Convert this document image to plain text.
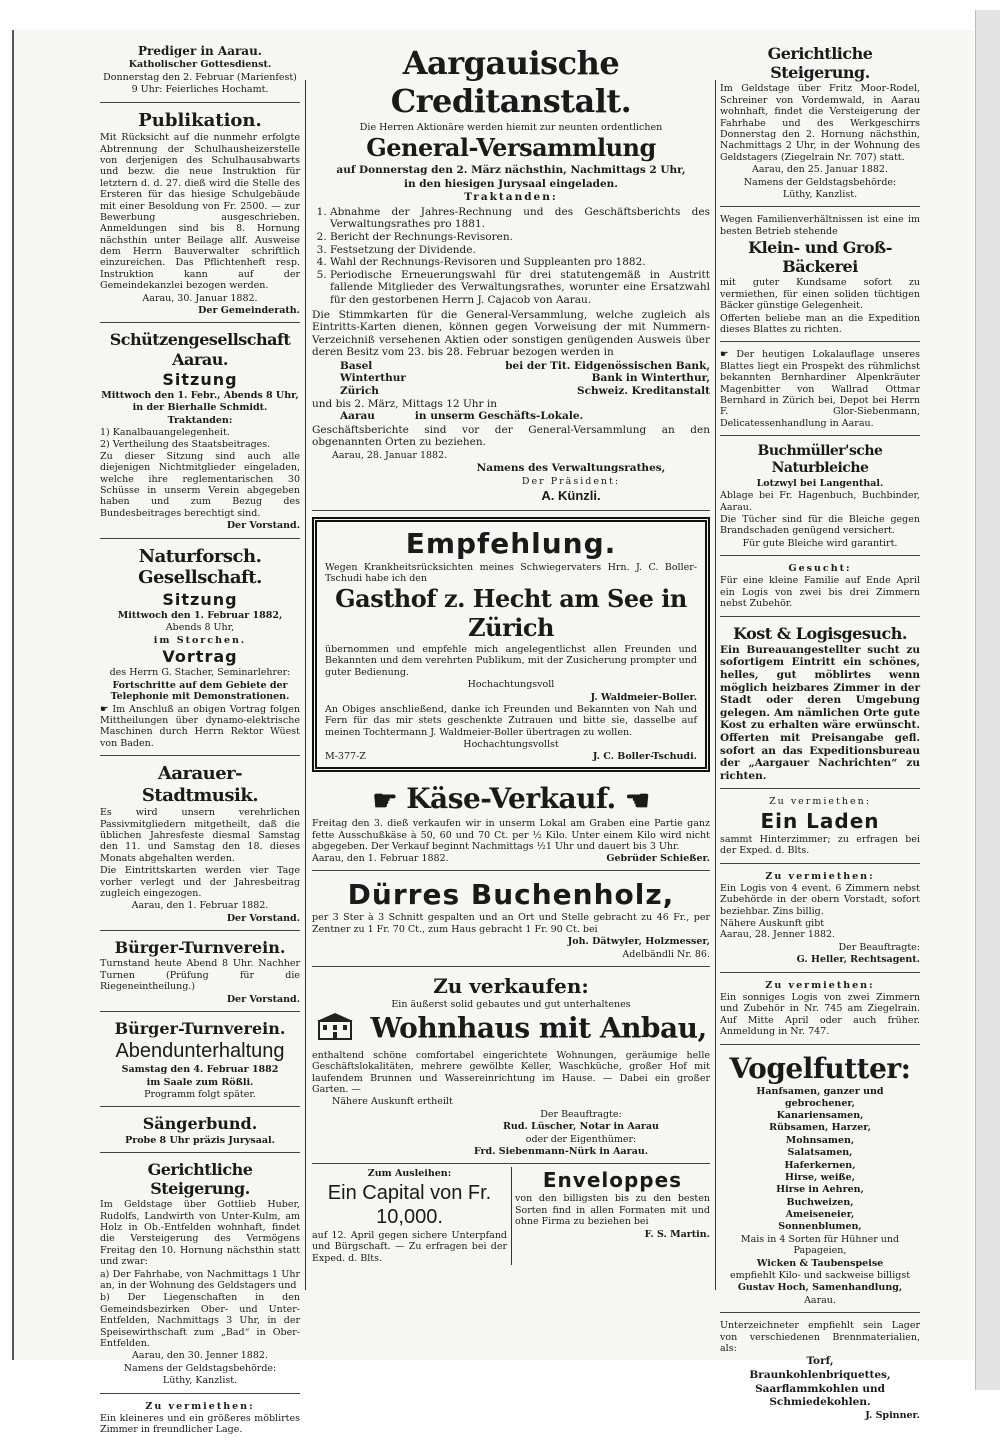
Prediger in Aarau.
Katholischer Gottesdienst.
Donnerstag den 2. Februar (Marienfest)
9 Uhr: Feierliches Hochamt.
Publikation.
Mit Rücksicht auf die nunmehr erfolgte Abtrennung der Schulhausheizerstelle von derjenigen des Schulhausabwarts und bezw. die neue Instruktion für letztern d. d. 27. dieß wird die Stelle des Ersteren für das hiesige Schulgebäude mit einer Besoldung von Fr. 2500. — zur Bewerbung ausgeschrieben. Anmeldungen sind bis 8. Hornung nächsthin unter Beilage allf. Ausweise dem Herrn Bauverwalter schriftlich einzureichen. Das Pflichtenheft resp. Instruktion kann auf der Gemeindekanzlei bezogen werden.
Aarau, 30. Januar 1882.
Der Gemeinderath.
Schützengesellschaft Aarau.
Sitzung
Mittwoch den 1. Febr., Abends 8 Uhr,
in der Bierhalle Schmidt.
Traktanden:
1) Kanalbauangelegenheit.
2) Vertheilung des Staatsbeitrages.
Zu dieser Sitzung sind auch alle diejenigen Nichtmitglieder eingeladen, welche ihre reglementarischen 30 Schüsse in unserm Verein abgegeben haben und zum Bezug des Bundesbeitrages berechtigt sind.
Der Vorstand.
Naturforsch. Gesellschaft.
Sitzung
Mittwoch den 1. Februar 1882,
Abends 8 Uhr,
im Storchen.
Vortrag
des Herrn G. Stacher, Seminarlehrer:
Fortschritte auf dem Gebiete der Telephonie mit Demonstrationen.
☛ Im Anschluß an obigen Vortrag folgen Mittheilungen über dynamo-elektrische Maschinen durch Herrn Rektor Wüest von Baden.
Aarauer-Stadtmusik.
Es wird unsern verehrlichen Passivmitgliedern mitgetheilt, daß die üblichen Jahresfeste diesmal Samstag den 11. und Samstag den 18. dieses Monats abgehalten werden.
Die Eintrittskarten werden vier Tage vorher verlegt und der Jahresbeitrag zugleich eingezogen.
Aarau, den 1. Februar 1882.
Der Vorstand.
Bürger-Turnverein.
Turnstand heute Abend 8 Uhr. Nachher Turnen (Prüfung für die Riegeneintheilung.)
Der Vorstand.
Bürger-Turnverein.
Abendunterhaltung
Samstag den 4. Februar 1882
im Saale zum Rößli.
Programm folgt später.
Sängerbund.
Probe 8 Uhr präzis Jurysaal.
Gerichtliche Steigerung.
Im Geldstage über Gottlieb Huber, Rudolfs, Landwirth von Unter-Kulm, am Holz in Ob.-Entfelden wohnhaft, findet die Versteigerung des Vermögens Freitag den 10. Hornung nächsthin statt und zwar:
a) Der Fahrhabe, von Nachmittags 1 Uhr an, in der Wohnung des Geldstagers und
b) Der Liegenschaften in den Gemeindsbezirken Ober- und Unter-Entfelden, Nachmittags 3 Uhr, in der Speisewirthschaft zum „Bad“ in Ober-Entfelden.
Aarau, den 30. Jenner 1882.
Namens der Geldstagsbehörde:
Lüthy, Kanzlist.
Zu vermiethen:
Ein kleineres und ein größeres möblirtes Zimmer in freundlicher Lage.
Aargauische Creditanstalt.
Die Herren Aktionäre werden hiemit zur neunten ordentlichen
General-Versammlung
auf Donnerstag den 2. März nächsthin, Nachmittags 2 Uhr,
in den hiesigen Jurysaal eingeladen.
Traktanden:
1. Abnahme der Jahres-Rechnung und des Geschäftsberichts des Verwaltungsrathes pro 1881.
2. Bericht der Rechnungs-Revisoren.
3. Festsetzung der Dividende.
4. Wahl der Rechnungs-Revisoren und Suppleanten pro 1882.
5. Periodische Erneuerungswahl für drei statutengemäß in Austritt fallende Mitglieder des Verwaltungsrathes, worunter eine Ersatzwahl für den gestorbenen Herrn J. Cajacob von Aarau.
Die Stimmkarten für die General-Versammlung, welche zugleich als Eintritts-Karten dienen, können gegen Vorweisung der mit Nummern-Verzeichniß versehenen Aktien oder sonstigen genügenden Ausweis über deren Besitz vom 23. bis 28. Februar bezogen werden in
Basel	bei der Tit. Eidgenössischen Bank,
Winterthur	Bank in Winterthur,
Zürich	Schweiz. Kreditanstalt
und bis 2. März, Mittags 12 Uhr in
Aarau	in unserm Geschäfts-Lokale.
Geschäftsberichte sind vor der General-Versammlung an den obgenannten Orten zu beziehen.
Aarau, 28. Januar 1882.
Namens des Verwaltungsrathes,
Der Präsident:
A. Künzli.
Empfehlung.
Wegen Krankheitsrücksichten meines Schwiegervaters Hrn. J. C. Boller-Tschudi habe ich den
Gasthof z. Hecht am See in Zürich
übernommen und empfehle mich angelegentlichst allen Freunden und Bekannten und dem verehrten Publikum, mit der Zusicherung prompter und guter Bedienung.
Hochachtungsvoll
J. Waldmeier-Boller.
An Obiges anschließend, danke ich Freunden und Bekannten von Nah und Fern für das mir stets geschenkte Zutrauen und bitte sie, dasselbe auf meinen Tochtermann J. Waldmeier-Boller übertragen zu wollen.
Hochachtungsvollst
M-377-Z	J. C. Boller-Tschudi.
☛ Käse-Verkauf. ☚
Freitag den 3. dieß verkaufen wir in unserm Lokal am Graben eine Partie ganz fette Ausschußkäse à 50, 60 und 70 Ct. per ½ Kilo. Unter einem Kilo wird nicht abgegeben. Der Verkauf beginnt Nachmittags ½1 Uhr und dauert bis 3 Uhr.
Aarau, den 1. Februar 1882.	Gebrüder Schießer.
Dürres Buchenholz,
per 3 Ster à 3 Schnitt gespalten und an Ort und Stelle gebracht zu 46 Fr., per Zentner zu 1 Fr. 70 Ct., zum Haus gebracht 1 Fr. 90 Ct. bei
Joh. Dätwyler, Holzmesser,
Adelbändli Nr. 86.
Zu verkaufen:
Ein äußerst solid gebautes und gut unterhaltenes
Wohnhaus mit Anbau,
enthaltend schöne comfortabel eingerichtete Wohnungen, geräumige helle Geschäftslokalitäten, mehrere gewölbte Keller, Waschküche, großer Hof mit laufendem Brunnen und Wassereinrichtung im Hause. — Dabei ein großer Garten. —
Nähere Auskunft ertheilt
Der Beauftragte:
Rud. Lüscher, Notar in Aarau
oder der Eigenthümer:
Frd. Siebenmann-Nürk in Aarau.
Zum Ausleihen:
Ein Capital von Fr. 10,000.
auf 12. April gegen sichere Unterpfand und Bürgschaft. — Zu erfragen bei der Exped. d. Blts.
Enveloppes
von den billigsten bis zu den besten Sorten find in allen Formaten mit und ohne Firma zu beziehen bei
F. S. Martin.
Gerichtliche Steigerung.
Im Geldstage über Fritz Moor-Rodel, Schreiner von Vordemwald, in Aarau wohnhaft, findet die Versteigerung der Fahrhabe und des Werkgeschirrs Donnerstag den 2. Hornung nächsthin, Nachmittags 2 Uhr, in der Wohnung des Geldstagers (Ziegelrain Nr. 707) statt.
Aarau, den 25. Januar 1882.
Namens der Geldstagsbehörde:
Lüthy, Kanzlist.
Wegen Familienverhältnissen ist eine im besten Betrieb stehende
Klein- und Groß-Bäckerei
mit guter Kundsame sofort zu vermiethen, für einen soliden tüchtigen Bäcker günstige Gelegenheit.
Offerten beliebe man an die Expedition dieses Blattes zu richten.
☛ Der heutigen Lokalauflage unseres Blattes liegt ein Prospekt des rühmlichst bekannten Bernhardiner Alpenkräuter Magenbitter von Wallrad Ottmar Bernhard in Zürich bei, Depot bei Herrn F. Glor-Siebenmann, Delicatessenhandlung in Aarau.
Buchmüller'sche Naturbleiche
Lotzwyl bei Langenthal.
Ablage bei Fr. Hagenbuch, Buchbinder, Aarau.
Die Tücher sind für die Bleiche gegen Brandschaden genügend versichert.
Für gute Bleiche wird garantirt.
Gesucht:
Für eine kleine Familie auf Ende April ein Logis von zwei bis drei Zimmern nebst Zubehör.
Kost & Logisgesuch.
Ein Bureauangestellter sucht zu sofortigem Eintritt ein schönes, helles, gut möblirtes wenn möglich heizbares Zimmer in der Stadt oder deren Umgebung gelegen. Am nämlichen Orte gute Kost zu erhalten wäre erwünscht. Offerten mit Preisangabe gefl. sofort an das Expeditionsbureau der „Aargauer Nachrichten“ zu richten.
Zu vermiethen:
Ein Laden
sammt Hinterzimmer; zu erfragen bei der Exped. d. Blts.
Zu vermiethen:
Ein Logis von 4 event. 6 Zimmern nebst Zubehörde in der obern Vorstadt, sofort beziehbar. Zins billig.
Nähere Auskunft gibt
Aarau, 28. Jenner 1882.
Der Beauftragte:
G. Heller, Rechtsagent.
Zu vermiethen:
Ein sonniges Logis von zwei Zimmern und Zubehör in Nr. 745 am Ziegelrain. Auf Mitte April oder auch früher. Anmeldung in Nr. 747.
Vogelfutter:
Hanfsamen, ganzer und gebrochener,
Kanariensamen,
Rübsamen, Harzer,
Mohnsamen,
Salatsamen,
Haferkernen,
Hirse, weiße,
Hirse in Aehren,
Buchweizen,
Ameiseneier,
Sonnenblumen,
Mais in 4 Sorten für Hühner und Papageien,
Wicken & Taubenspeise
empfiehlt Kilo- und sackweise billigst
Gustav Hoch, Samenhandlung,
Aarau.
Unterzeichneter empfiehlt sein Lager von verschiedenen Brennmaterialien, als:
Torf,
Braunkohlenbriquettes,
Saarflammkohlen und
Schmiedekohlen.
J. Spinner.
